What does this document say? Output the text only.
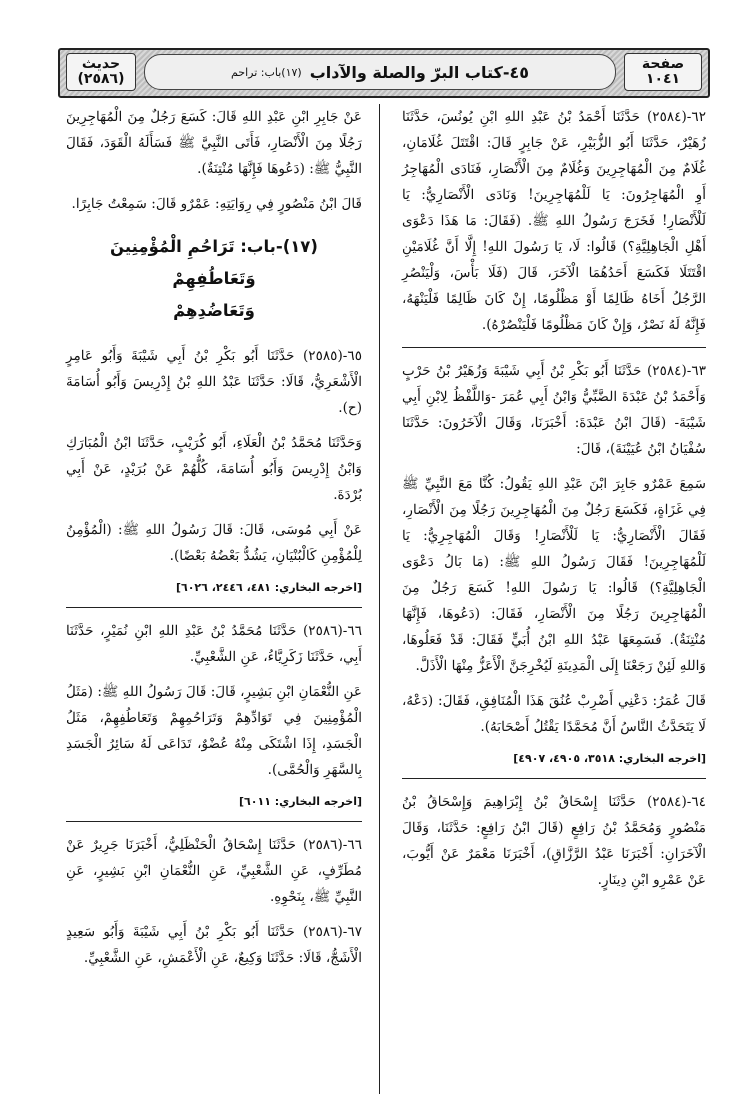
حديث
(٢٥٨٦)	٤٥-كتاب البرّ والصلة والآداب
(١٧)باب: تراحم	صفحة
١٠٤١

٦٢-(٢٥٨٤) حَدَّثَنَا أَحْمَدُ بْنُ عَبْدِ اللهِ ابْنِ يُونُسَ، حَدَّثَنَا زُهَيْرٌ، حَدَّثَنَا أَبُو الزُّبَيْرِ، عَنْ جَابِرٍ قَالَ: اقْتَتَلَ غُلَامَانِ، غُلَامٌ مِنَ الْمُهَاجِرِينَ وَغُلَامٌ مِنَ الْأَنْصَارِ، فَنَادَى الْمُهَاجِرُ أَوِ الْمُهَاجِرُونَ: يَا لَلْمُهَاجِرِينَ! وَنَادَى الْأَنْصَارِيُّ: يَا لَلْأَنْصَارِ! فَخَرَجَ رَسُولُ اللهِ ﷺ. (فَقَالَ: مَا هَذَا دَعْوَى أَهْلِ الْجَاهِلِيَّةِ؟) قَالُوا: لَا، يَا رَسُولَ اللهِ! إِلَّا أَنَّ غُلَامَيْنِ اقْتَتَلَا فَكَسَعَ أَحَدُهُمَا الْآخَرَ، قَالَ (فَلَا بَأْسَ، وَلْيَنْصُرِ الرَّجُلُ أَخَاهُ ظَالِمًا أَوْ مَظْلُومًا، إِنْ كَانَ ظَالِمًا فَلْيَنْهَهُ، فَإِنَّهُ لَهُ نَصْرٌ، وَإِنْ كَانَ مَظْلُومًا فَلْيَنْصُرْهُ).

٦٣-(٢٥٨٤) حَدَّثَنَا أَبُو بَكْرِ بْنُ أَبِي شَيْبَةَ وَزُهَيْرُ بْنُ حَرْبٍ وَأَحْمَدُ بْنُ عَبْدَةَ الضَّبِّيُّ وَابْنُ أَبِي عُمَرَ -وَاللَّفْظُ لِابْنِ أَبِي شَيْبَةَ- (قَالَ ابْنُ عَبْدَةَ: أَخْبَرَنَا، وَقَالَ الْآخَرُونَ: حَدَّثَنَا سُفْيَانُ ابْنُ عُيَيْنَةَ)، قَالَ:

سَمِعَ عَمْرٌو جَابِرَ ابْنَ عَبْدِ اللهِ يَقُولُ: كُنَّا مَعَ النَّبِيِّ ﷺ فِي غَزَاةٍ، فَكَسَعَ رَجُلٌ مِنَ الْمُهَاجِرِينَ رَجُلًا مِنَ الْأَنْصَارِ، فَقَالَ الْأَنْصَارِيُّ: يَا لَلْأَنْصَارِ! وَقَالَ الْمُهَاجِرِيُّ: يَا لَلْمُهَاجِرِينَ! فَقَالَ رَسُولُ اللهِ ﷺ: (مَا بَالُ دَعْوَى الْجَاهِلِيَّةِ؟) قَالُوا: يَا رَسُولَ اللهِ! كَسَعَ رَجُلٌ مِنَ الْمُهَاجِرِينَ رَجُلًا مِنَ الْأَنْصَارِ، فَقَالَ: (دَعُوهَا، فَإِنَّهَا مُنْتِنَةٌ). فَسَمِعَهَا عَبْدُ اللهِ ابْنُ أُبَيٍّ فَقَالَ: قَدْ فَعَلُوهَا، وَاللهِ لَئِنْ رَجَعْنَا إِلَى الْمَدِينَةِ لَيُخْرِجَنَّ الْأَعَزُّ مِنْهَا الْأَذَلَّ.

قَالَ عُمَرُ: دَعْنِي أَضْرِبْ عُنُقَ هَذَا الْمُنَافِقِ، فَقَالَ: (دَعْهُ، لَا يَتَحَدَّثُ النَّاسُ أَنَّ مُحَمَّدًا يَقْتُلُ أَصْحَابَهُ).

[اخرجه البخاري: ٣٥١٨، ٤٩٠٥، ٤٩٠٧]

٦٤-(٢٥٨٤) حَدَّثَنَا إِسْحَاقُ بْنُ إِبْرَاهِيمَ وَإِسْحَاقُ بْنُ مَنْصُورٍ وَمُحَمَّدُ بْنُ رَافِعٍ (قَالَ ابْنُ رَافِعٍ: حَدَّثَنَا، وَقَالَ الْآخَرَانِ: أَخْبَرَنَا عَبْدُ الرَّزَّاقِ)، أَخْبَرَنَا مَعْمَرٌ عَنْ أَيُّوبَ، عَنْ عَمْرِو ابْنِ دِينَارٍ.

عَنْ جَابِرِ ابْنِ عَبْدِ اللهِ قَالَ: كَسَعَ رَجُلٌ مِنَ الْمُهَاجِرِينَ رَجُلًا مِنَ الْأَنْصَارِ، فَأَتَى النَّبِيَّ ﷺ فَسَأَلَهُ الْقَوَدَ، فَقَالَ النَّبِيُّ ﷺ: (دَعُوهَا فَإِنَّهَا مُنْتِنَةٌ).

قَالَ ابْنُ مَنْصُورٍ فِي رِوَايَتِهِ: عَمْرٌو قَالَ: سَمِعْتُ جَابِرًا.

(١٧)-باب: تَرَاحُمِ الْمُؤْمِنِينَ وَتَعَاطُفِهِمْ
وَتَعَاضُدِهِمْ

٦٥-(٢٥٨٥) حَدَّثَنَا أَبُو بَكْرِ بْنُ أَبِي شَيْبَةَ وَأَبُو عَامِرٍ الْأَشْعَرِيُّ، قَالَا: حَدَّثَنَا عَبْدُ اللهِ بْنُ إِدْرِيسَ وَأَبُو أُسَامَةَ (ح).

وَحَدَّثَنَا مُحَمَّدُ بْنُ الْعَلَاءِ، أَبُو كُرَيْبٍ، حَدَّثَنَا ابْنُ الْمُبَارَكِ وَابْنُ إِدْرِيسَ وَأَبُو أُسَامَةَ، كُلُّهُمْ عَنْ بُرَيْدٍ، عَنْ أَبِي بُرْدَةَ.

عَنْ أَبِي مُوسَى، قَالَ: قَالَ رَسُولُ اللهِ ﷺ: (الْمُؤْمِنُ لِلْمُؤْمِنِ كَالْبُنْيَانِ، يَشُدُّ بَعْضُهُ بَعْضًا).

[اخرجه البخاري: ٤٨١، ٢٤٤٦، ٦٠٢٦]

٦٦-(٢٥٨٦) حَدَّثَنَا مُحَمَّدُ بْنُ عَبْدِ اللهِ ابْنِ نُمَيْرٍ، حَدَّثَنَا أَبِي، حَدَّثَنَا زَكَرِيَّاءُ، عَنِ الشَّعْبِيِّ.

عَنِ النُّعْمَانِ ابْنِ بَشِيرٍ، قَالَ: قَالَ رَسُولُ اللهِ ﷺ: (مَثَلُ الْمُؤْمِنِينَ فِي تَوَادِّهِمْ وَتَرَاحُمِهِمْ وَتَعَاطُفِهِمْ، مَثَلُ الْجَسَدِ، إِذَا اشْتَكَى مِنْهُ عُضْوٌ، تَدَاعَى لَهُ سَائِرُ الْجَسَدِ بِالسَّهَرِ وَالْحُمَّى).

[اخرجه البخاري: ٦٠١١]

٦٦-(٢٥٨٦) حَدَّثَنَا إِسْحَاقُ الْحَنْظَلِيُّ، أَخْبَرَنَا جَرِيرٌ عَنْ مُطَرِّفٍ، عَنِ الشَّعْبِيِّ، عَنِ النُّعْمَانِ ابْنِ بَشِيرٍ، عَنِ النَّبِيِّ ﷺ، بِنَحْوِهِ.

٦٧-(٢٥٨٦) حَدَّثَنَا أَبُو بَكْرِ بْنُ أَبِي شَيْبَةَ وَأَبُو سَعِيدٍ الْأَشَجُّ، قَالَا: حَدَّثَنَا وَكِيعٌ، عَنِ الْأَعْمَشِ، عَنِ الشَّعْبِيِّ.
